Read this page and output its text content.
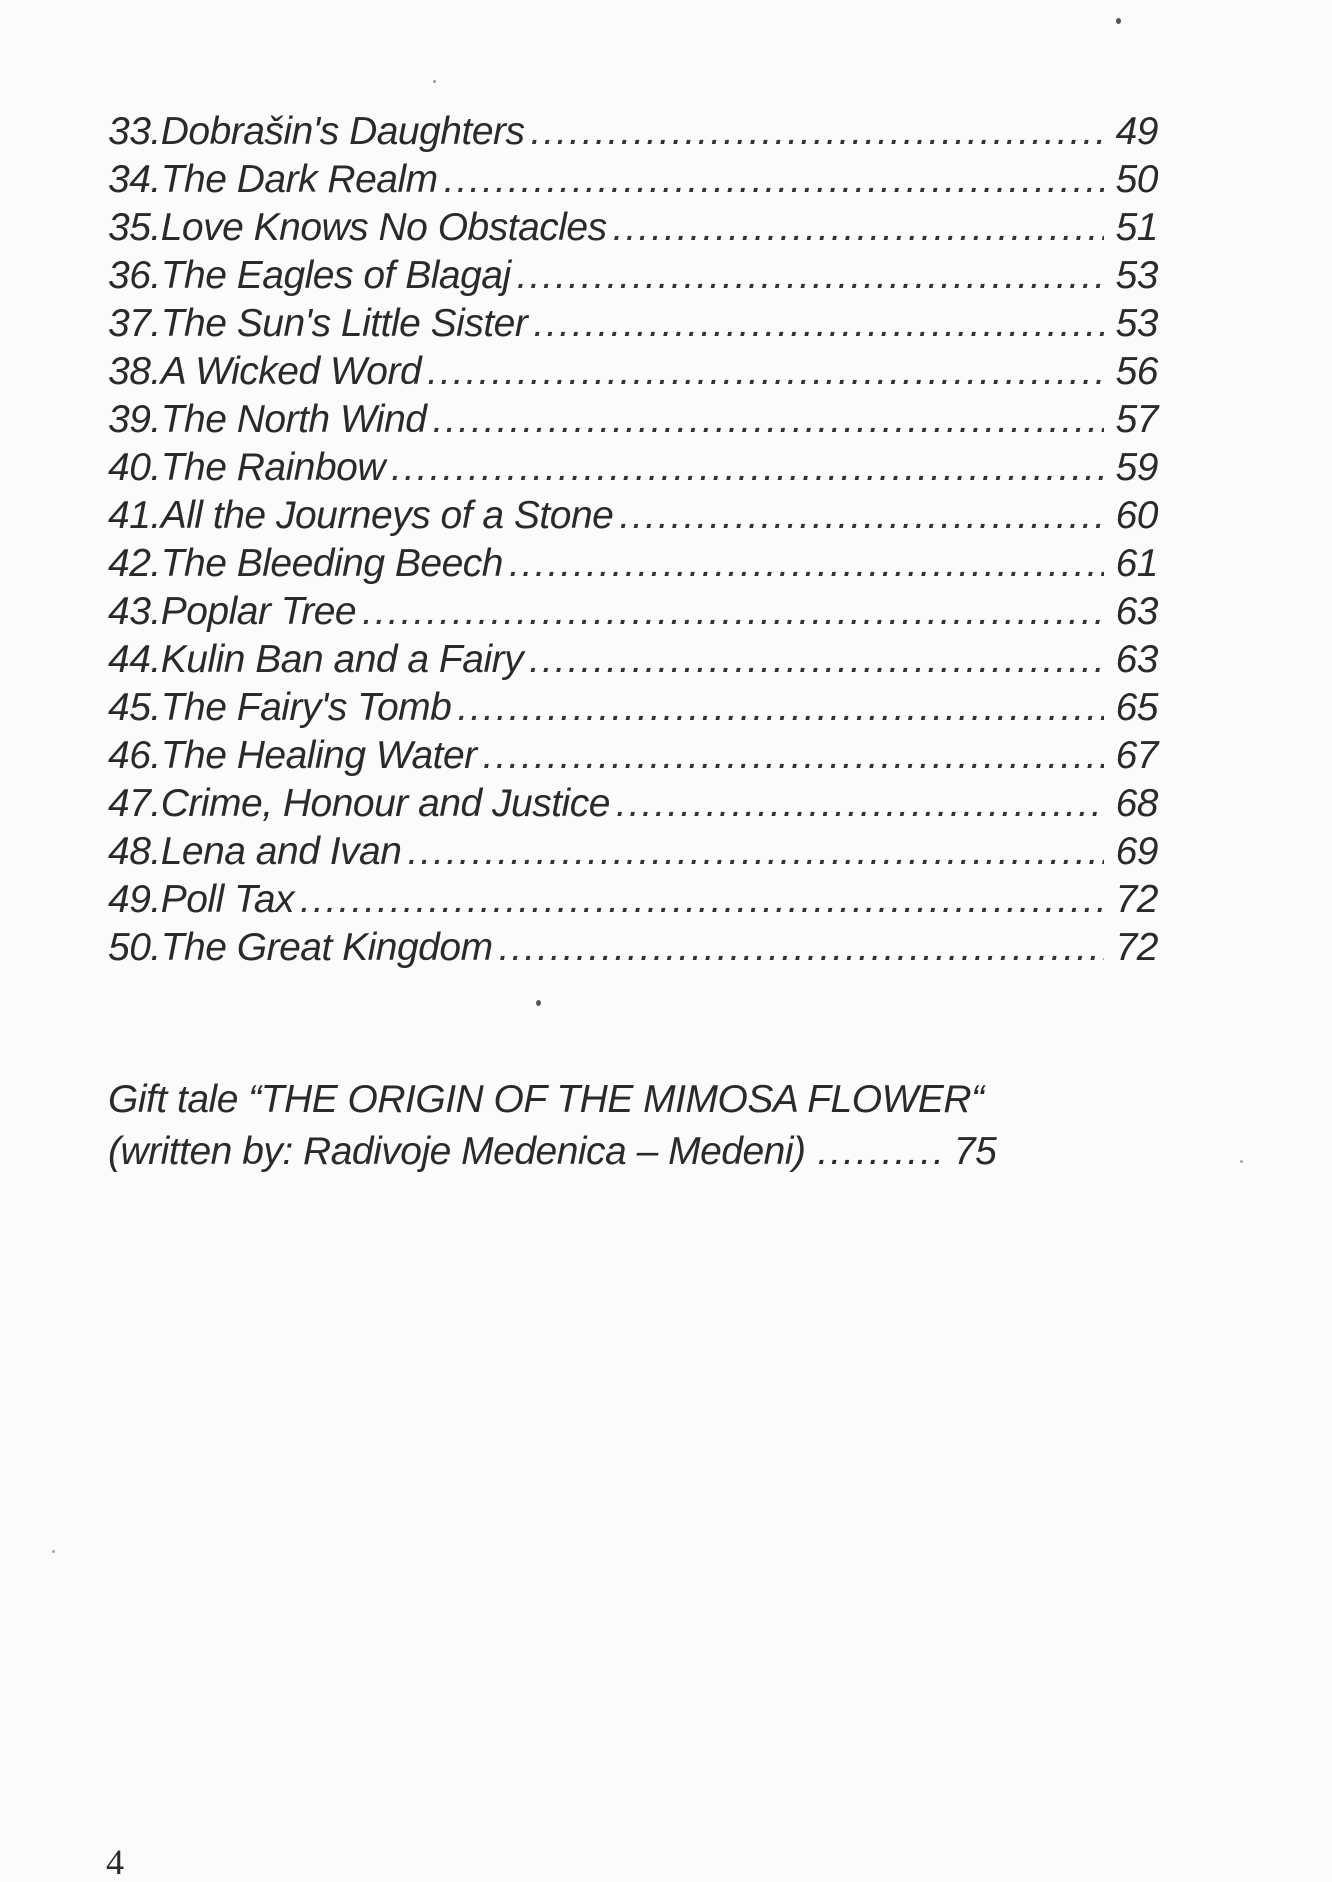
33.Dobrašin's Daughters .....	49
34.The Dark Realm .....	50
35.Love Knows No Obstacles .....	51
36.The Eagles of Blagaj .....	53
37.The Sun's Little Sister .....	53
38.A Wicked Word .....	56
39.The North Wind .....	57
40.The Rainbow .....	59
41.All the Journeys of a Stone .....	60
42.The Bleeding Beech .....	61
43.Poplar Tree .....	63
44.Kulin Ban and a Fairy .....	63
45.The Fairy's Tomb .....	65
46.The Healing Water .....	67
47.Crime, Honour and Justice .....	68
48.Lena and Ivan .....	69
49.Poll Tax .....	72
50.The Great Kingdom .....	72
Gift tale “THE ORIGIN OF THE MIMOSA FLOWER“
(written by: Radivoje Medenica – Medeni) .......... 75
4
